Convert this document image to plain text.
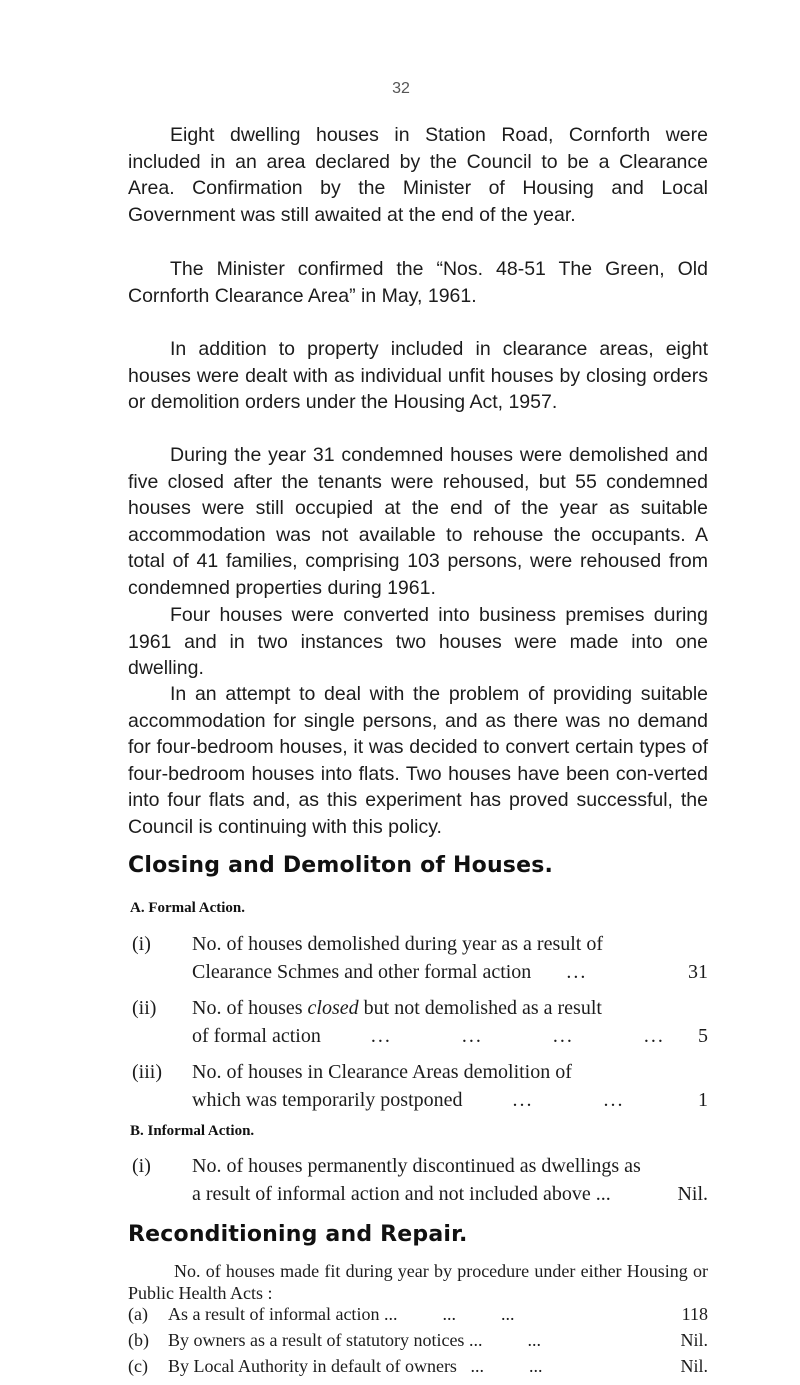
32

Eight dwelling houses in Station Road, Cornforth were included in an area declared by the Council to be a Clearance Area. Confirmation by the Minister of Housing and Local Government was still awaited at the end of the year.

The Minister confirmed the “Nos. 48-51 The Green, Old Cornforth Clearance Area” in May, 1961.

In addition to property included in clearance areas, eight houses were dealt with as individual unfit houses by closing orders or demolition orders under the Housing Act, 1957.

During the year 31 condemned houses were demolished and five closed after the tenants were rehoused, but 55 condemned houses were still occupied at the end of the year as suitable accommodation was not available to rehouse the occupants. A total of 41 families, comprising 103 persons, were rehoused from condemned properties during 1961.

Four houses were converted into business premises during 1961 and in two instances two houses were made into one dwelling.

In an attempt to deal with the problem of providing suitable accommodation for single persons, and as there was no demand for four-bedroom houses, it was decided to convert certain types of four-bedroom houses into flats. Two houses have been con-verted into four flats and, as this experiment has proved successful, the Council is continuing with this policy.

Closing and Demoliton of Houses.
A. Formal Action.
(i) No. of houses demolished during year as a result of
Clearance Schmes and other formal action ...	31
(ii) No. of houses closed but not demolished as a result
of formal action	...          ...          ...          ...	5
(iii) No. of houses in Clearance Areas demolition of
which was temporarily postponed	...          ...	1
B. Informal Action.
(i) No. of houses permanently discontinued as dwellings as
a result of informal action and not included above ...	Nil.
Reconditioning and Repair.
No. of houses made fit during year by procedure under either Housing or Public Health Acts :
(a) As a result of informal action ...          ...          ...	118
(b) By owners as a result of statutory notices ...          ...	Nil.
(c) By Local Authority in default of owners   ...          ...	Nil.
